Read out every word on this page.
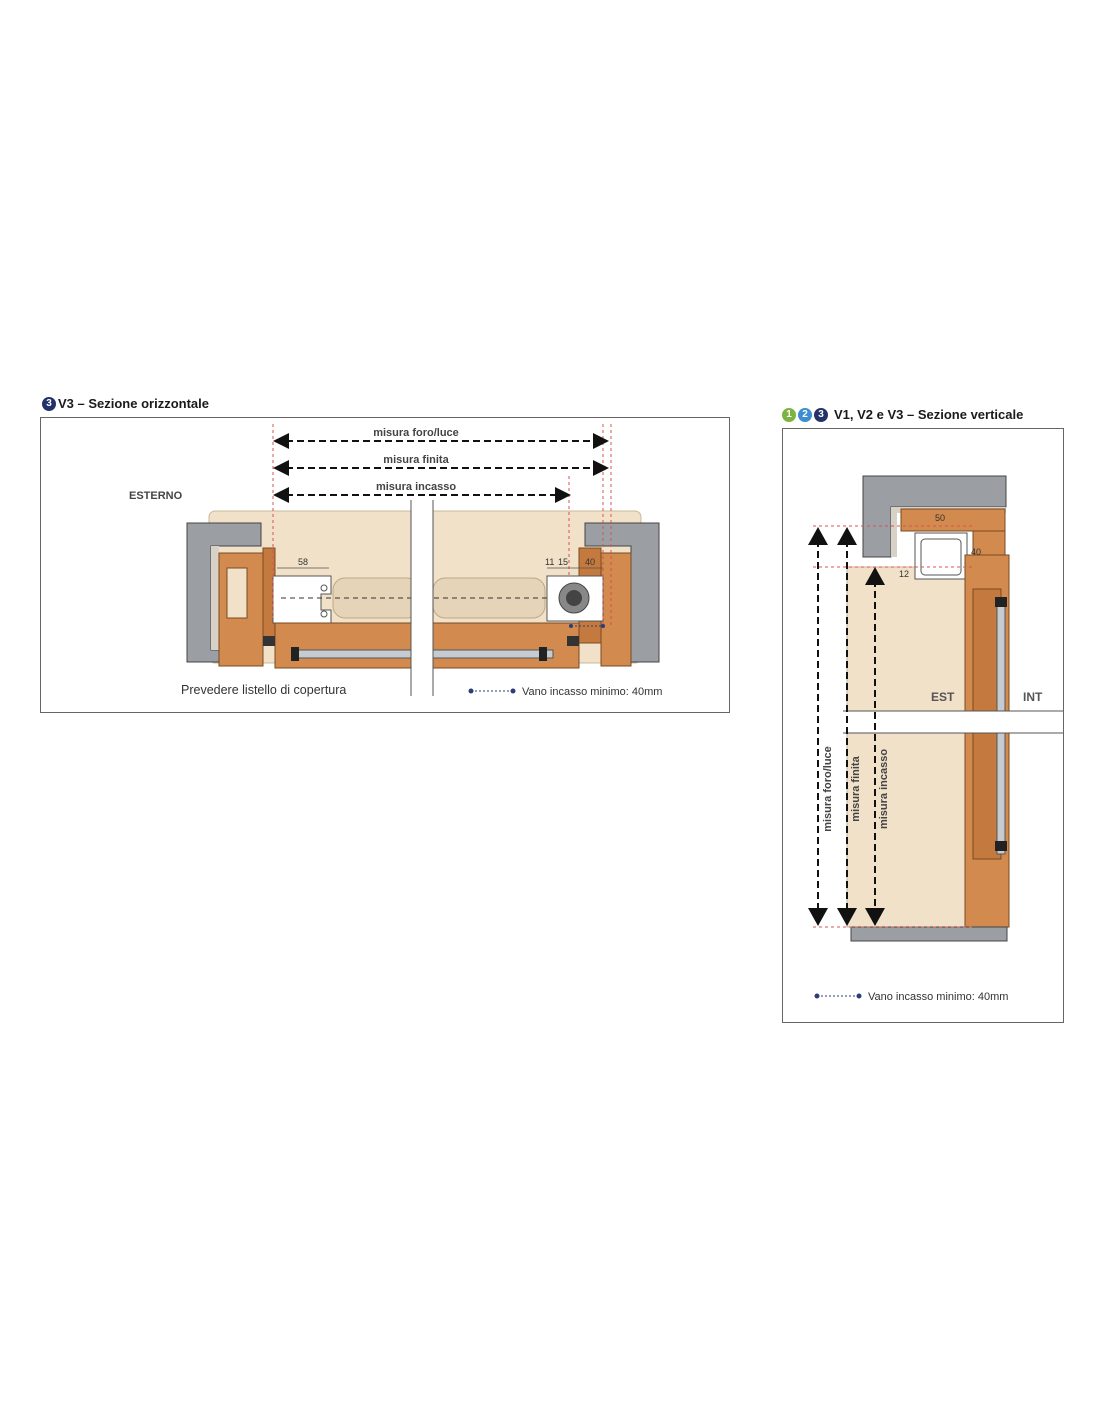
3 V3 – Sezione orizzontale
misura foro/luce
misura finita
misura incasso
ESTERNO
58	11 15 40
Prevedere listello di copertura	Vano incasso minimo: 40mm
1	2	3 V1, V2 e V3 – Sezione verticale
misura foro/luce misura finita misura incasso
50
40
12
EST	INT
Vano incasso minimo: 40mm
